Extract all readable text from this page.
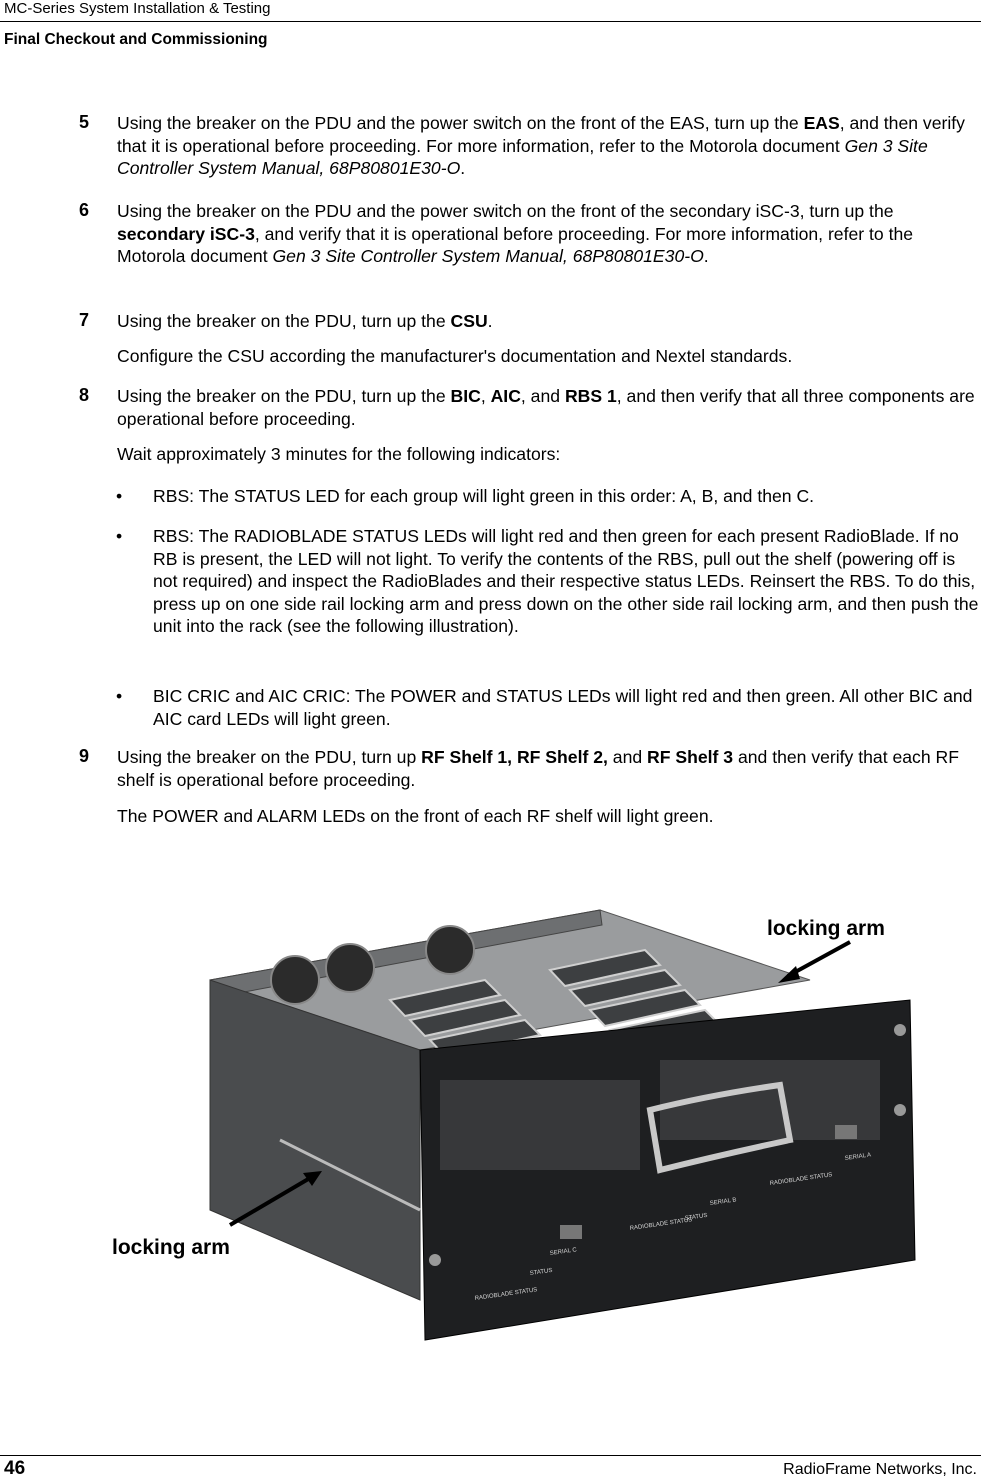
MC-Series System Installation & Testing
Final Checkout and Commissioning
5 Using the breaker on the PDU and the power switch on the front of the EAS, turn up the EAS, and then verify that it is operational before proceeding. For more information, refer to the Motorola document Gen 3 Site Controller System Manual, 68P80801E30-O.
6 Using the breaker on the PDU and the power switch on the front of the secondary iSC-3, turn up the secondary iSC-3, and verify that it is operational before proceeding. For more information, refer to the Motorola document Gen 3 Site Controller System Manual, 68P80801E30-O.
7 Using the breaker on the PDU, turn up the CSU.
Configure the CSU according the manufacturer's documentation and Nextel standards.
8 Using the breaker on the PDU, turn up the BIC, AIC, and RBS 1, and then verify that all three components are operational before proceeding.
Wait approximately 3 minutes for the following indicators:
• RBS: The STATUS LED for each group will light green in this order: A, B, and then C.
• RBS: The RADIOBLADE STATUS LEDs will light red and then green for each present RadioBlade. If no RB is present, the LED will not light. To verify the contents of the RBS, pull out the shelf (powering off is not required) and inspect the RadioBlades and their respective status LEDs. Reinsert the RBS. To do this, press up on one side rail locking arm and press down on the other side rail locking arm, and then push the unit into the rack (see the following illustration).
• BIC CRIC and AIC CRIC: The POWER and STATUS LEDs will light red and then green. All other BIC and AIC card LEDs will light green.
9 Using the breaker on the PDU, turn up RF Shelf 1, RF Shelf 2, and RF Shelf 3 and then verify that each RF shelf is operational before proceeding.
The POWER and ALARM LEDs on the front of each RF shelf will light green.
RADIOBLADE STATUS
SERIAL C
STATUS
RADIOBLADE STATUS
SERIAL B
STATUS
RADIOBLADE STATUS
SERIAL A
locking arm
locking arm
46	RadioFrame Networks, Inc.
